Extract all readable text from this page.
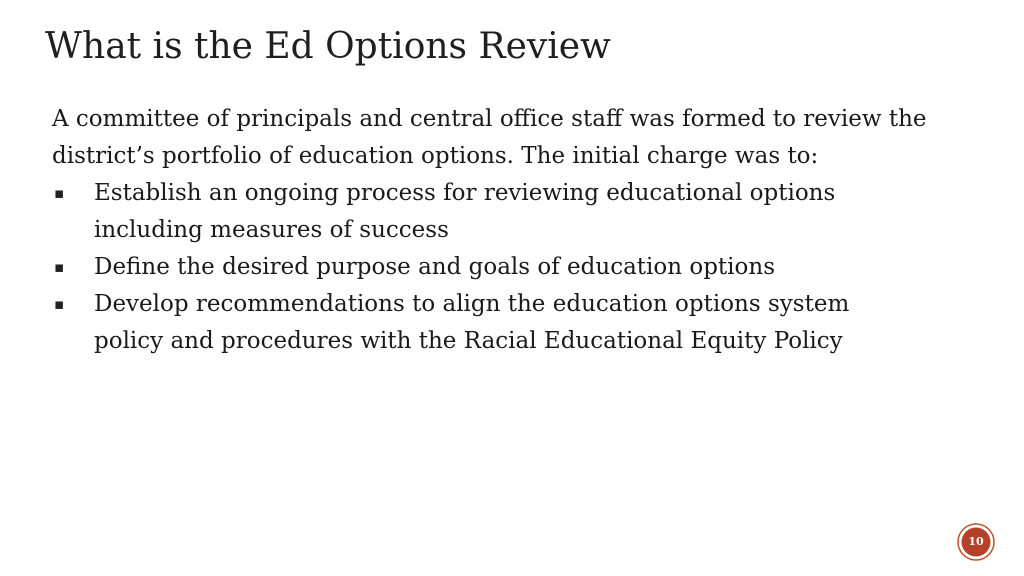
What is the Ed Options Review

A committee of principals and central office staff was formed to review the district’s portfolio of education options. The initial charge was to:

▪ Establish an ongoing process for reviewing educational options including measures of success
▪ Define the desired purpose and goals of education options
▪ Develop recommendations to align the education options system policy and procedures with the Racial Educational Equity Policy
10
